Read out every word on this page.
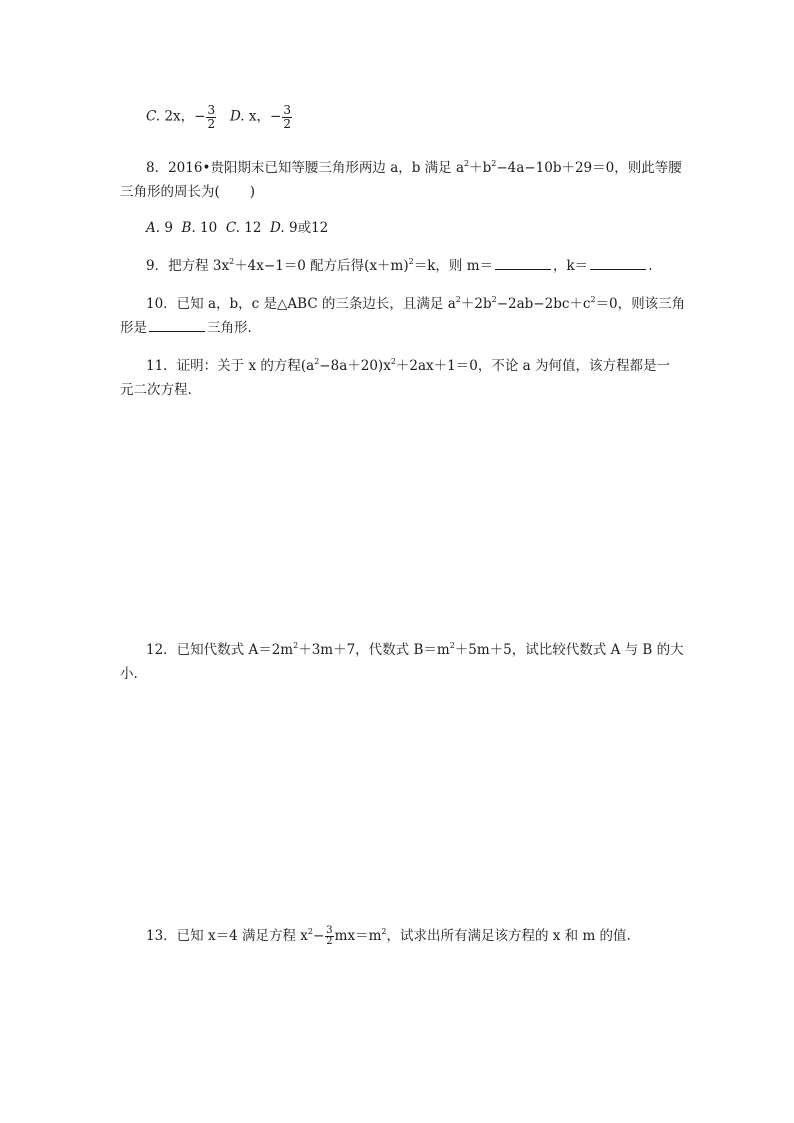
C. 2x，− $\frac{3}{2} D$. x，− $\frac{3}{2}$
8．2016•贵阳期末已知等腰三角形两边 a，b 满足 $a^2+b^2-4a-10b+29=0$，则此等腰
三角形的周长为( )
A. 9 B. 10 C. 12 D. 9或12
9．把方程 $3x^2+4x-1=0$ 配方后得$(x+m)^2=k$，则 m＝	，k＝	.
10．已知 a，b，c 是△ABC 的三条边长，且满足 $a^2+2b^2-2ab-2bc+c^2=0$，则该三角
形是	三角形.
11．证明：关于 x 的方程$(a^2-8a+20)x^2+2ax+1=0$，不论 a 为何值，该方程都是一
元二次方程.
12．已知代数式 $A=2m^2+3m+7$，代数式 $B=m^2+5m+5$，试比较代数式 A 与 B 的大
小.
13．已知 x＝4 满足方程 $x^2- \frac{3}{2} mx=m^2$，试求出所有满足该方程的 x 和 m 的值.
